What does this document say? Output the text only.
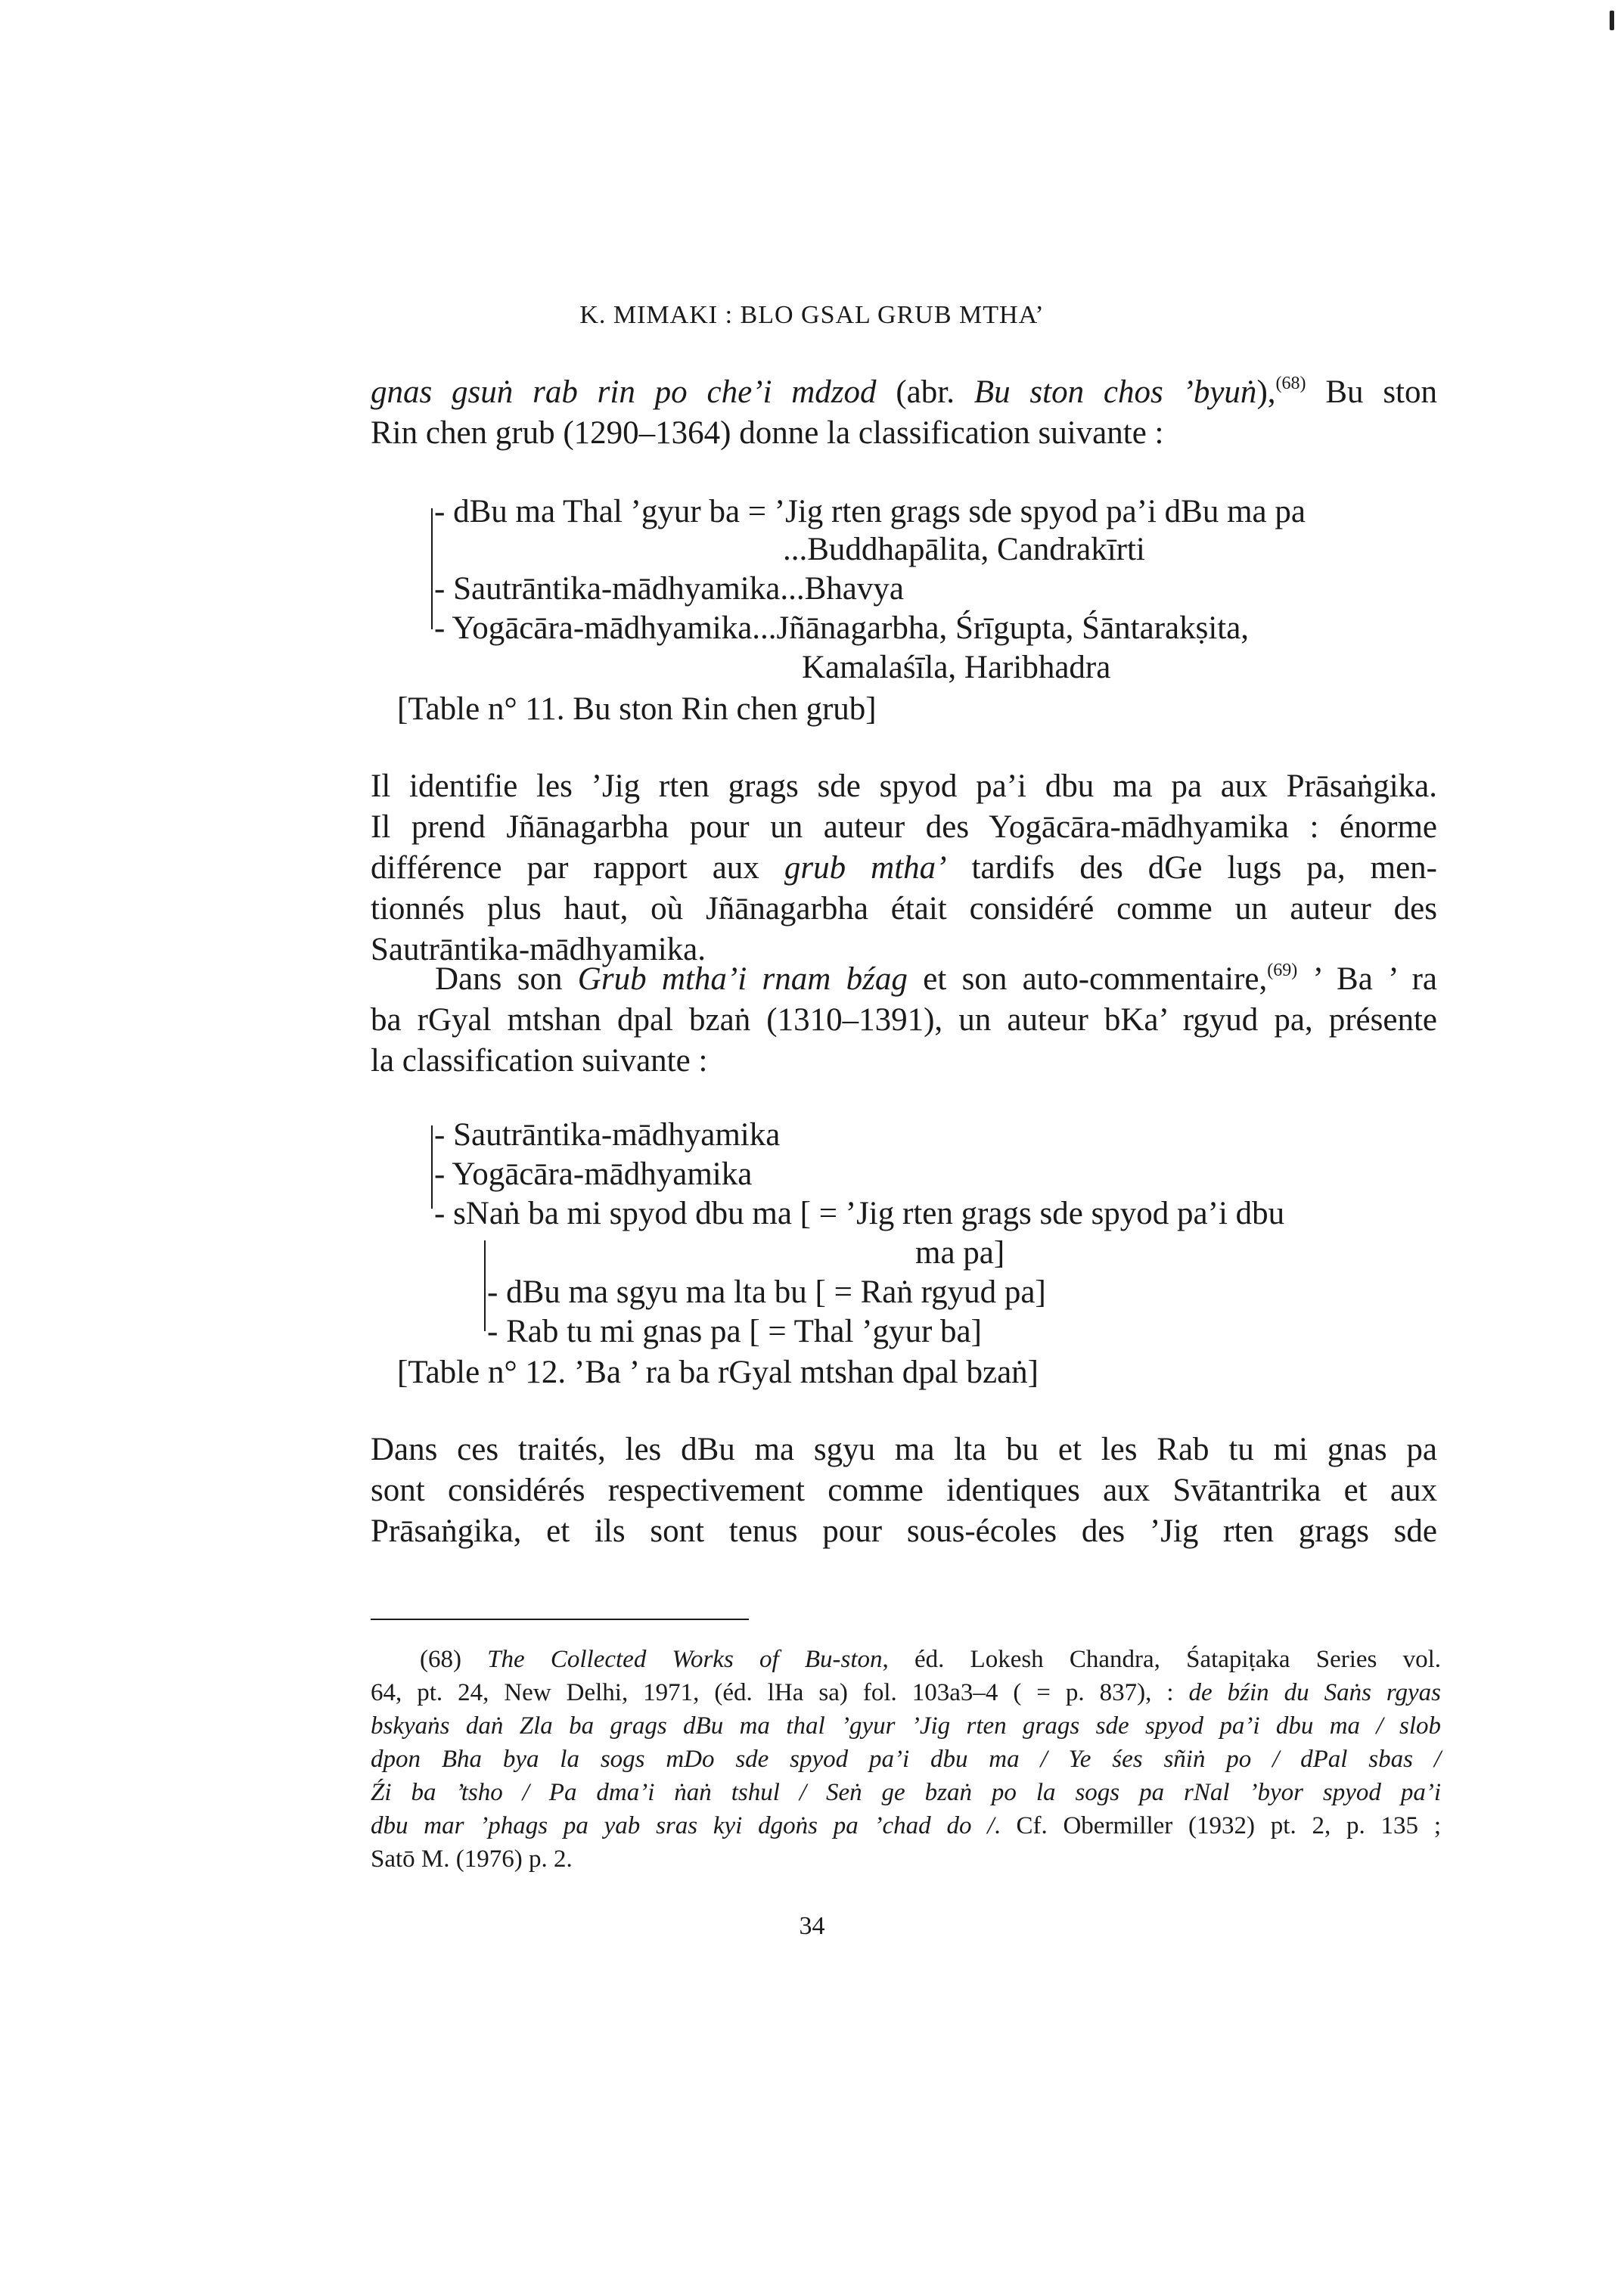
K. MIMAKI : BLO GSAL GRUB MTHA’
gnas gsuṅ rab rin po che’i mdzod (abr. Bu ston chos ’byuṅ),$^{(68)}$ Bu ston
Rin chen grub (1290–1364) donne la classification suivante :
- dBu ma Thal ’gyur ba = ’Jig rten grags sde spyod pa’i dBu ma pa
...Buddhapālita, Candrakīrti
- Sautrāntika-mādhyamika...Bhavya
- Yogācāra-mādhyamika...Jñānagarbha, Śrīgupta, Śāntarakṣita,
Kamalaśīla, Haribhadra
[Table n° 11. Bu ston Rin chen grub]
Il identifie les ’Jig rten grags sde spyod pa’i dbu ma pa aux Prāsaṅgika.
Il prend Jñānagarbha pour un auteur des Yogācāra-mādhyamika : énorme
différence par rapport aux grub mtha’ tardifs des dGe lugs pa, men-
tionnés plus haut, où Jñānagarbha était considéré comme un auteur des
Sautrāntika-mādhyamika.
Dans son Grub mtha’i rnam bźag et son auto-commentaire,$^{(69)}$ ’ Ba ’ ra
ba rGyal mtshan dpal bzaṅ (1310–1391), un auteur bKa’ rgyud pa, présente
la classification suivante :
- Sautrāntika-mādhyamika
- Yogācāra-mādhyamika
- sNaṅ ba mi spyod dbu ma [ = ’Jig rten grags sde spyod pa’i dbu
ma pa]
- dBu ma sgyu ma lta bu [ = Raṅ rgyud pa]
- Rab tu mi gnas pa [ = Thal ’gyur ba]
[Table n° 12. ’Ba ’ ra ba rGyal mtshan dpal bzaṅ]
Dans ces traités, les dBu ma sgyu ma lta bu et les Rab tu mi gnas pa
sont considérés respectivement comme identiques aux Svātantrika et aux
Prāsaṅgika, et ils sont tenus pour sous-écoles des ’Jig rten grags sde
(68) The Collected Works of Bu-ston, éd. Lokesh Chandra, Śatapiṭaka Series vol.
64, pt. 24, New Delhi, 1971, (éd. lHa sa) fol. 103a3–4 ( = p. 837), : de bźin du Saṅs rgyas
bskyaṅs daṅ Zla ba grags dBu ma thal ’gyur ’Jig rten grags sde spyod pa’i dbu ma / slob
dpon Bha bya la sogs mDo sde spyod pa’i dbu ma / Ye śes sñiṅ po / dPal sbas /
Źi ba ’tsho / Pa dma’i ṅaṅ tshul / Seṅ ge bzaṅ po la sogs pa rNal ’byor spyod pa’i
dbu mar ’phags pa yab sras kyi dgoṅs pa ’chad do /. Cf. Obermiller (1932) pt. 2, p. 135 ;
Satō M. (1976) p. 2.
34
